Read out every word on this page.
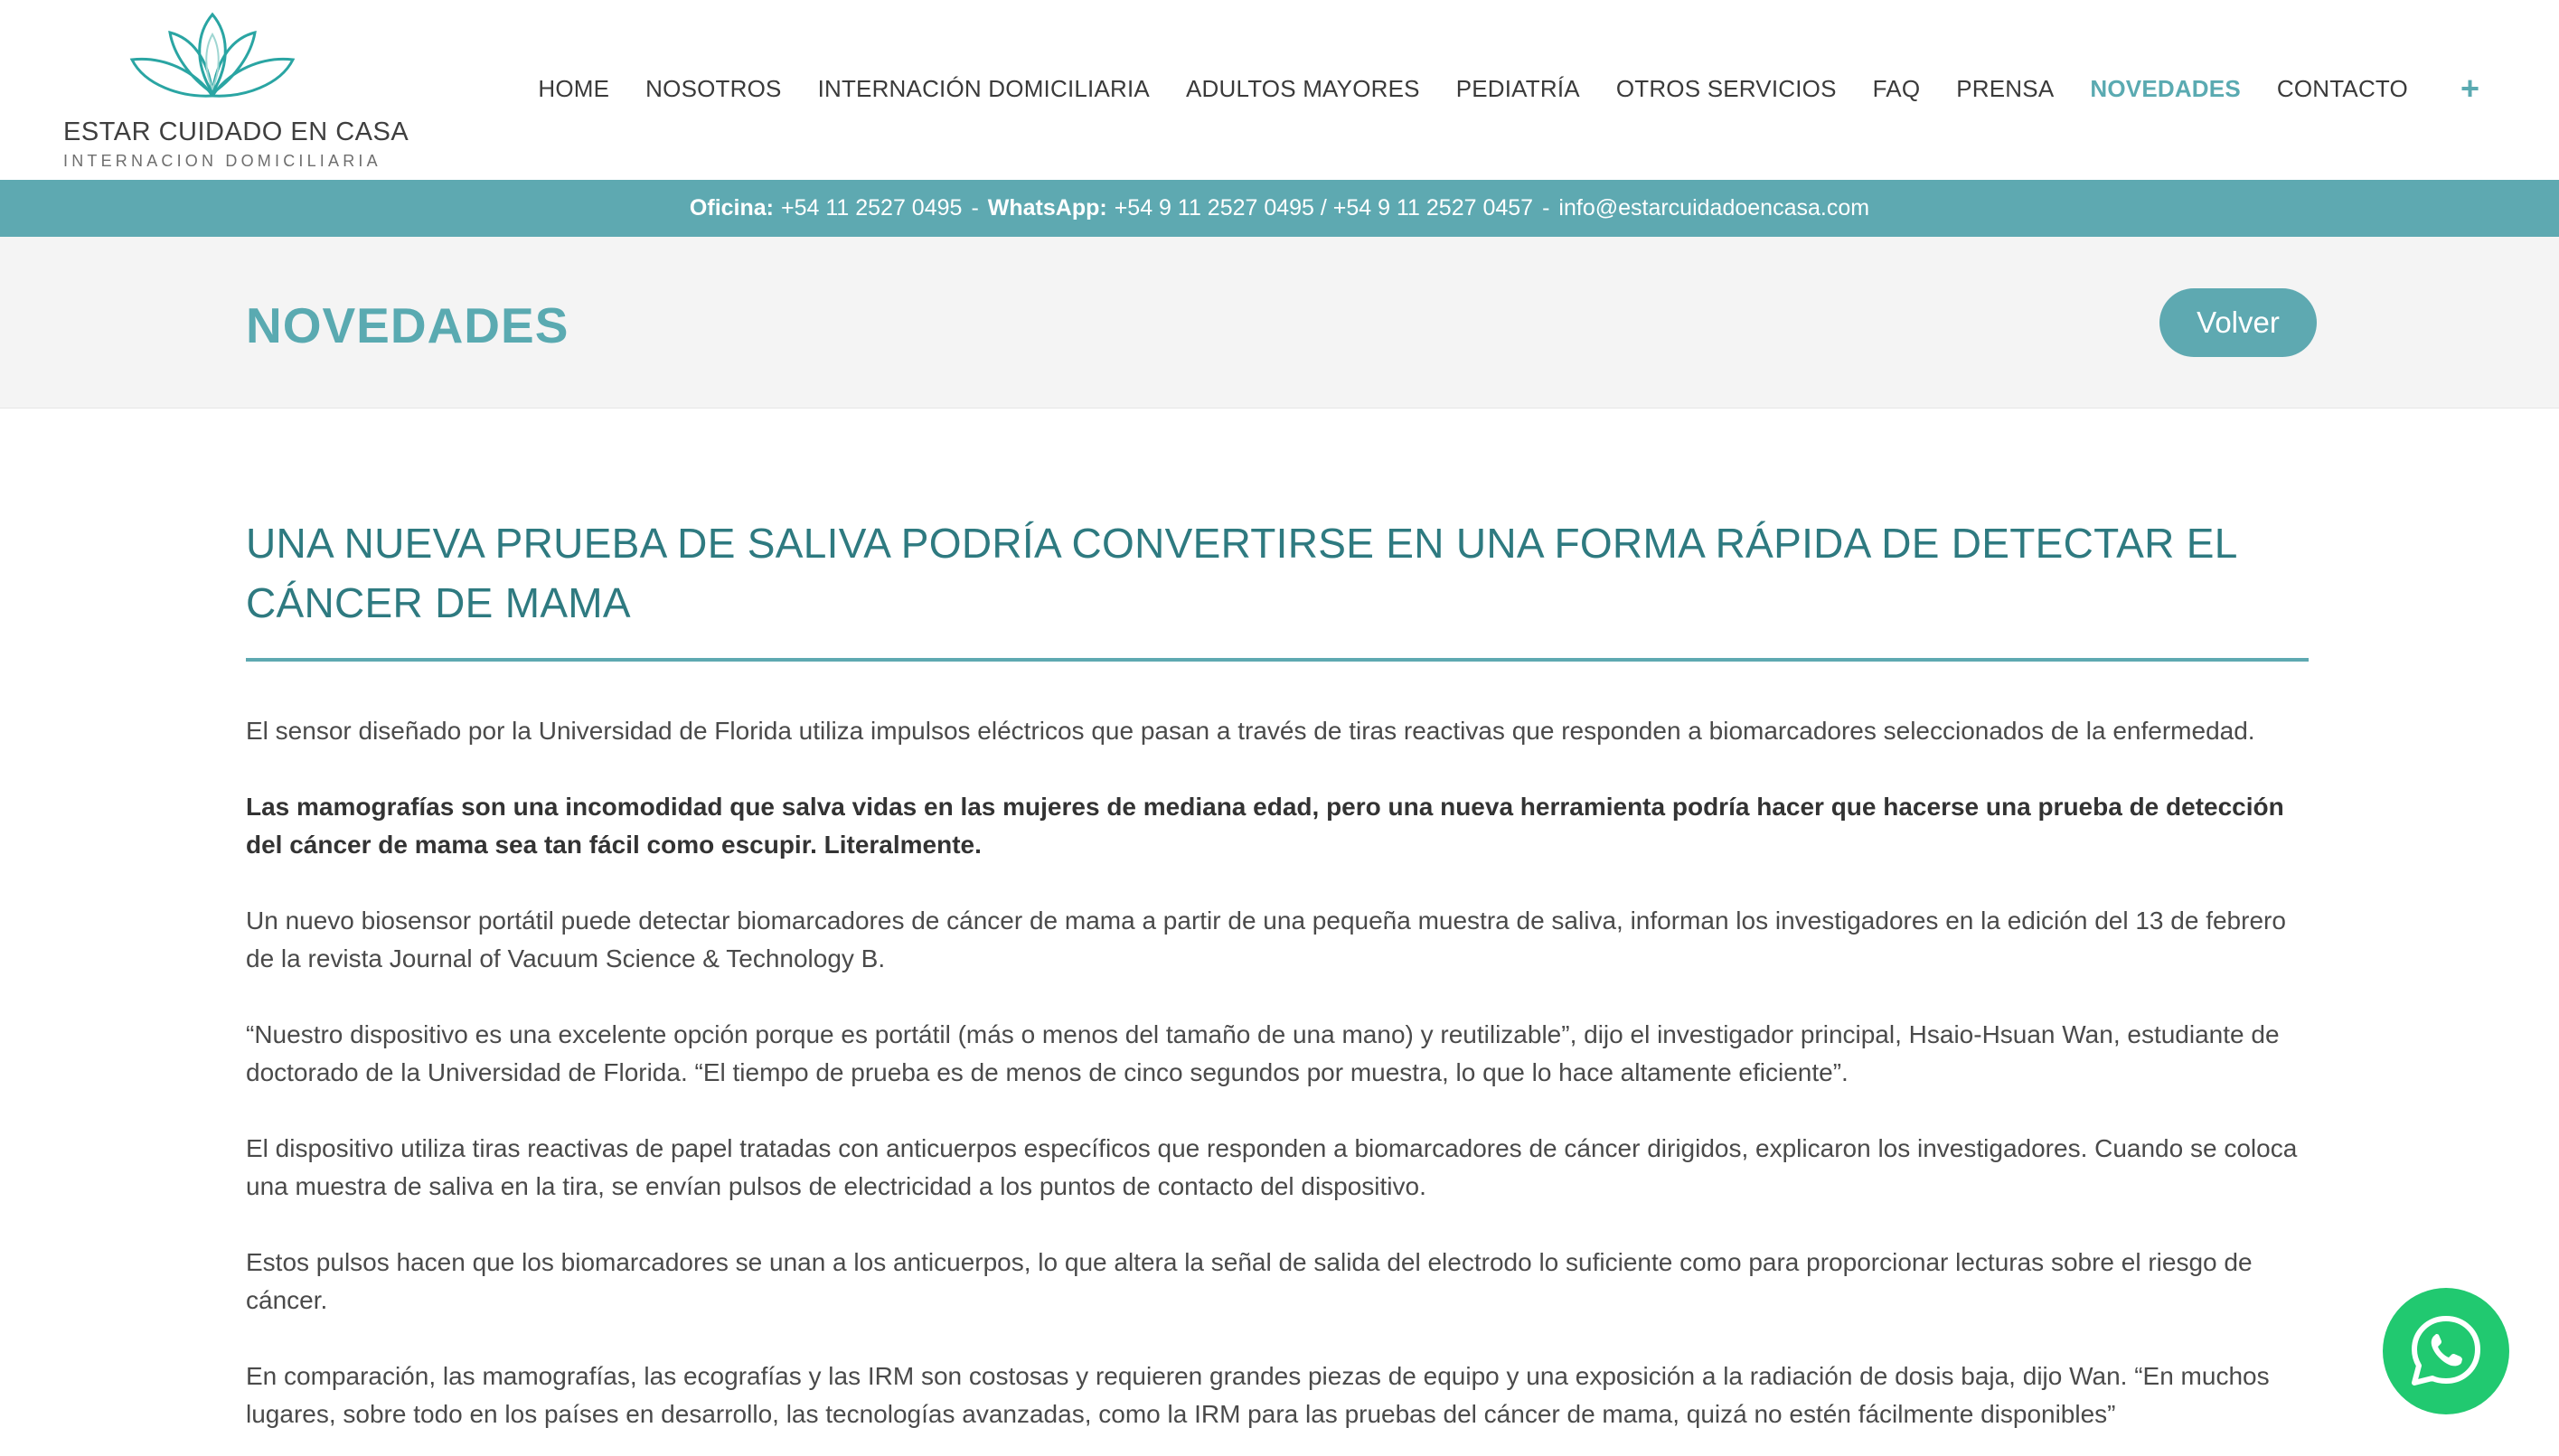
ESTAR CUIDADO EN CASA
INTERNACION DOMICILIARIA
HOME NOSOTROS INTERNACIÓN DOMICILIARIA ADULTOS MAYORES PEDIATRÍA OTROS SERVICIOS FAQ PRENSA NOVEDADES CONTACTO +
Oficina: +54 11 2527 0495 - WhatsApp: +54 9 11 2527 0495 / +54 9 11 2527 0457 - info@estarcuidadoencasa.com
NOVEDADES	Volver
UNA NUEVA PRUEBA DE SALIVA PODRÍA CONVERTIRSE EN UNA FORMA RÁPIDA DE DETECTAR EL CÁNCER DE MAMA

El sensor diseñado por la Universidad de Florida utiliza impulsos eléctricos que pasan a través de tiras reactivas que responden a biomarcadores seleccionados de la enfermedad.

Las mamografías son una incomodidad que salva vidas en las mujeres de mediana edad, pero una nueva herramienta podría hacer que hacerse una prueba de detección del cáncer de mama sea tan fácil como escupir. Literalmente.

Un nuevo biosensor portátil puede detectar biomarcadores de cáncer de mama a partir de una pequeña muestra de saliva, informan los investigadores en la edición del 13 de febrero de la revista Journal of Vacuum Science & Technology B.

“Nuestro dispositivo es una excelente opción porque es portátil (más o menos del tamaño de una mano) y reutilizable”, dijo el investigador principal, Hsaio-Hsuan Wan, estudiante de doctorado de la Universidad de Florida. “El tiempo de prueba es de menos de cinco segundos por muestra, lo que lo hace altamente eficiente”.

El dispositivo utiliza tiras reactivas de papel tratadas con anticuerpos específicos que responden a biomarcadores de cáncer dirigidos, explicaron los investigadores. Cuando se coloca una muestra de saliva en la tira, se envían pulsos de electricidad a los puntos de contacto del dispositivo.

Estos pulsos hacen que los biomarcadores se unan a los anticuerpos, lo que altera la señal de salida del electrodo lo suficiente como para proporcionar lecturas sobre el riesgo de cáncer.

En comparación, las mamografías, las ecografías y las IRM son costosas y requieren grandes piezas de equipo y una exposición a la radiación de dosis baja, dijo Wan. “En muchos lugares, sobre todo en los países en desarrollo, las tecnologías avanzadas, como la IRM para las pruebas del cáncer de mama, quizá no estén fácilmente disponibles”
